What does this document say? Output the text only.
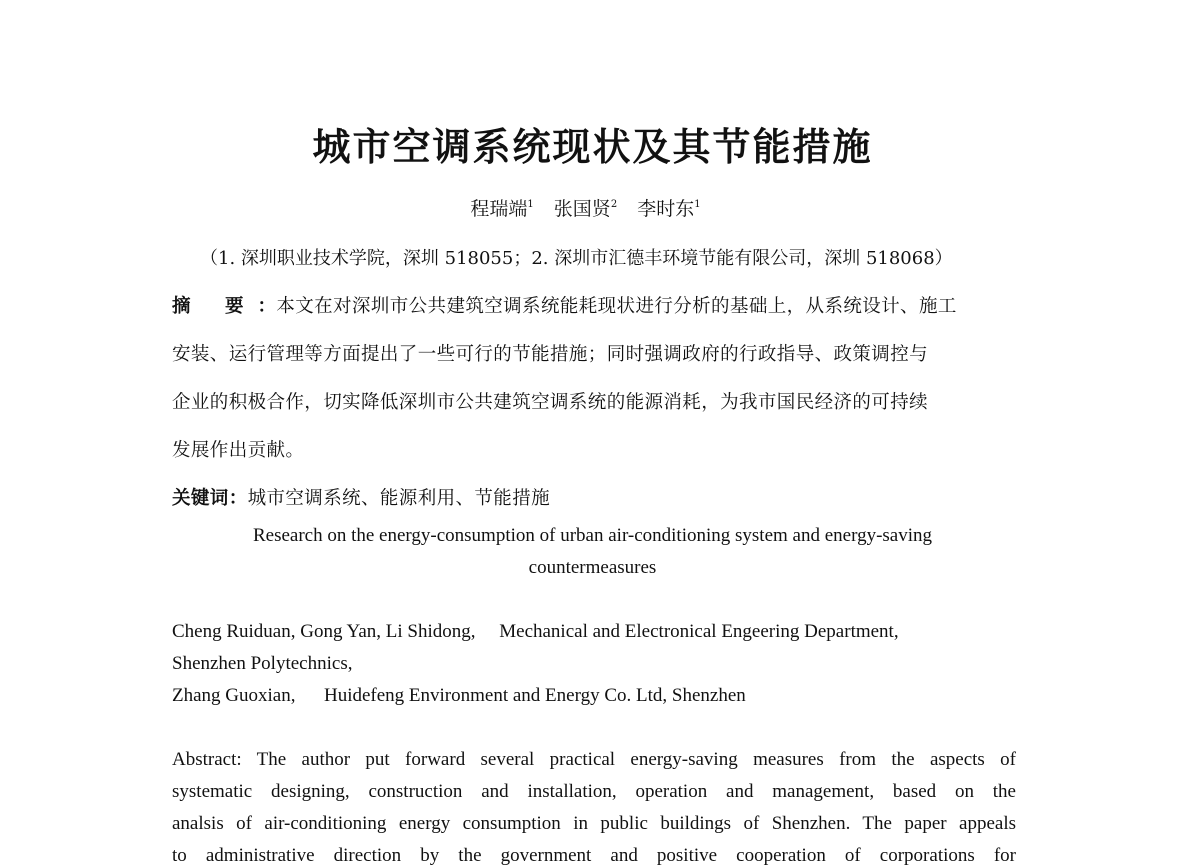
城市空调系统现状及其节能措施
程瑞端$^1$ 张国贤$^2$ 李时东$^1$
（1. 深圳职业技术学院，深圳 518055；2. 深圳市汇德丰环境节能有限公司，深圳 518068）
摘 要：本文在对深圳市公共建筑空调系统能耗现状进行分析的基础上，从系统设计、施工
安装、运行管理等方面提出了一些可行的节能措施；同时强调政府的行政指导、政策调控与
企业的积极合作，切实降低深圳市公共建筑空调系统的能源消耗，为我市国民经济的可持续
发展作出贡献。
关键词：城市空调系统、能源利用、节能措施
Research on the energy-consumption of urban air-conditioning system and energy-saving
countermeasures
Cheng Ruiduan, Gong Yan, Li Shidong,     Mechanical and Electronical Engeering Department,
Shenzhen Polytechnics,
Zhang Guoxian,      Huidefeng Environment and Energy Co. Ltd, Shenzhen
Abstract: The author put forward several practical energy-saving measures from the aspects of
systematic designing, construction and installation, operation and management, based on the
analsis of air-conditioning energy consumption in public buildings of Shenzhen. The paper appeals
to administrative direction by the government and positive cooperation of corporations for
